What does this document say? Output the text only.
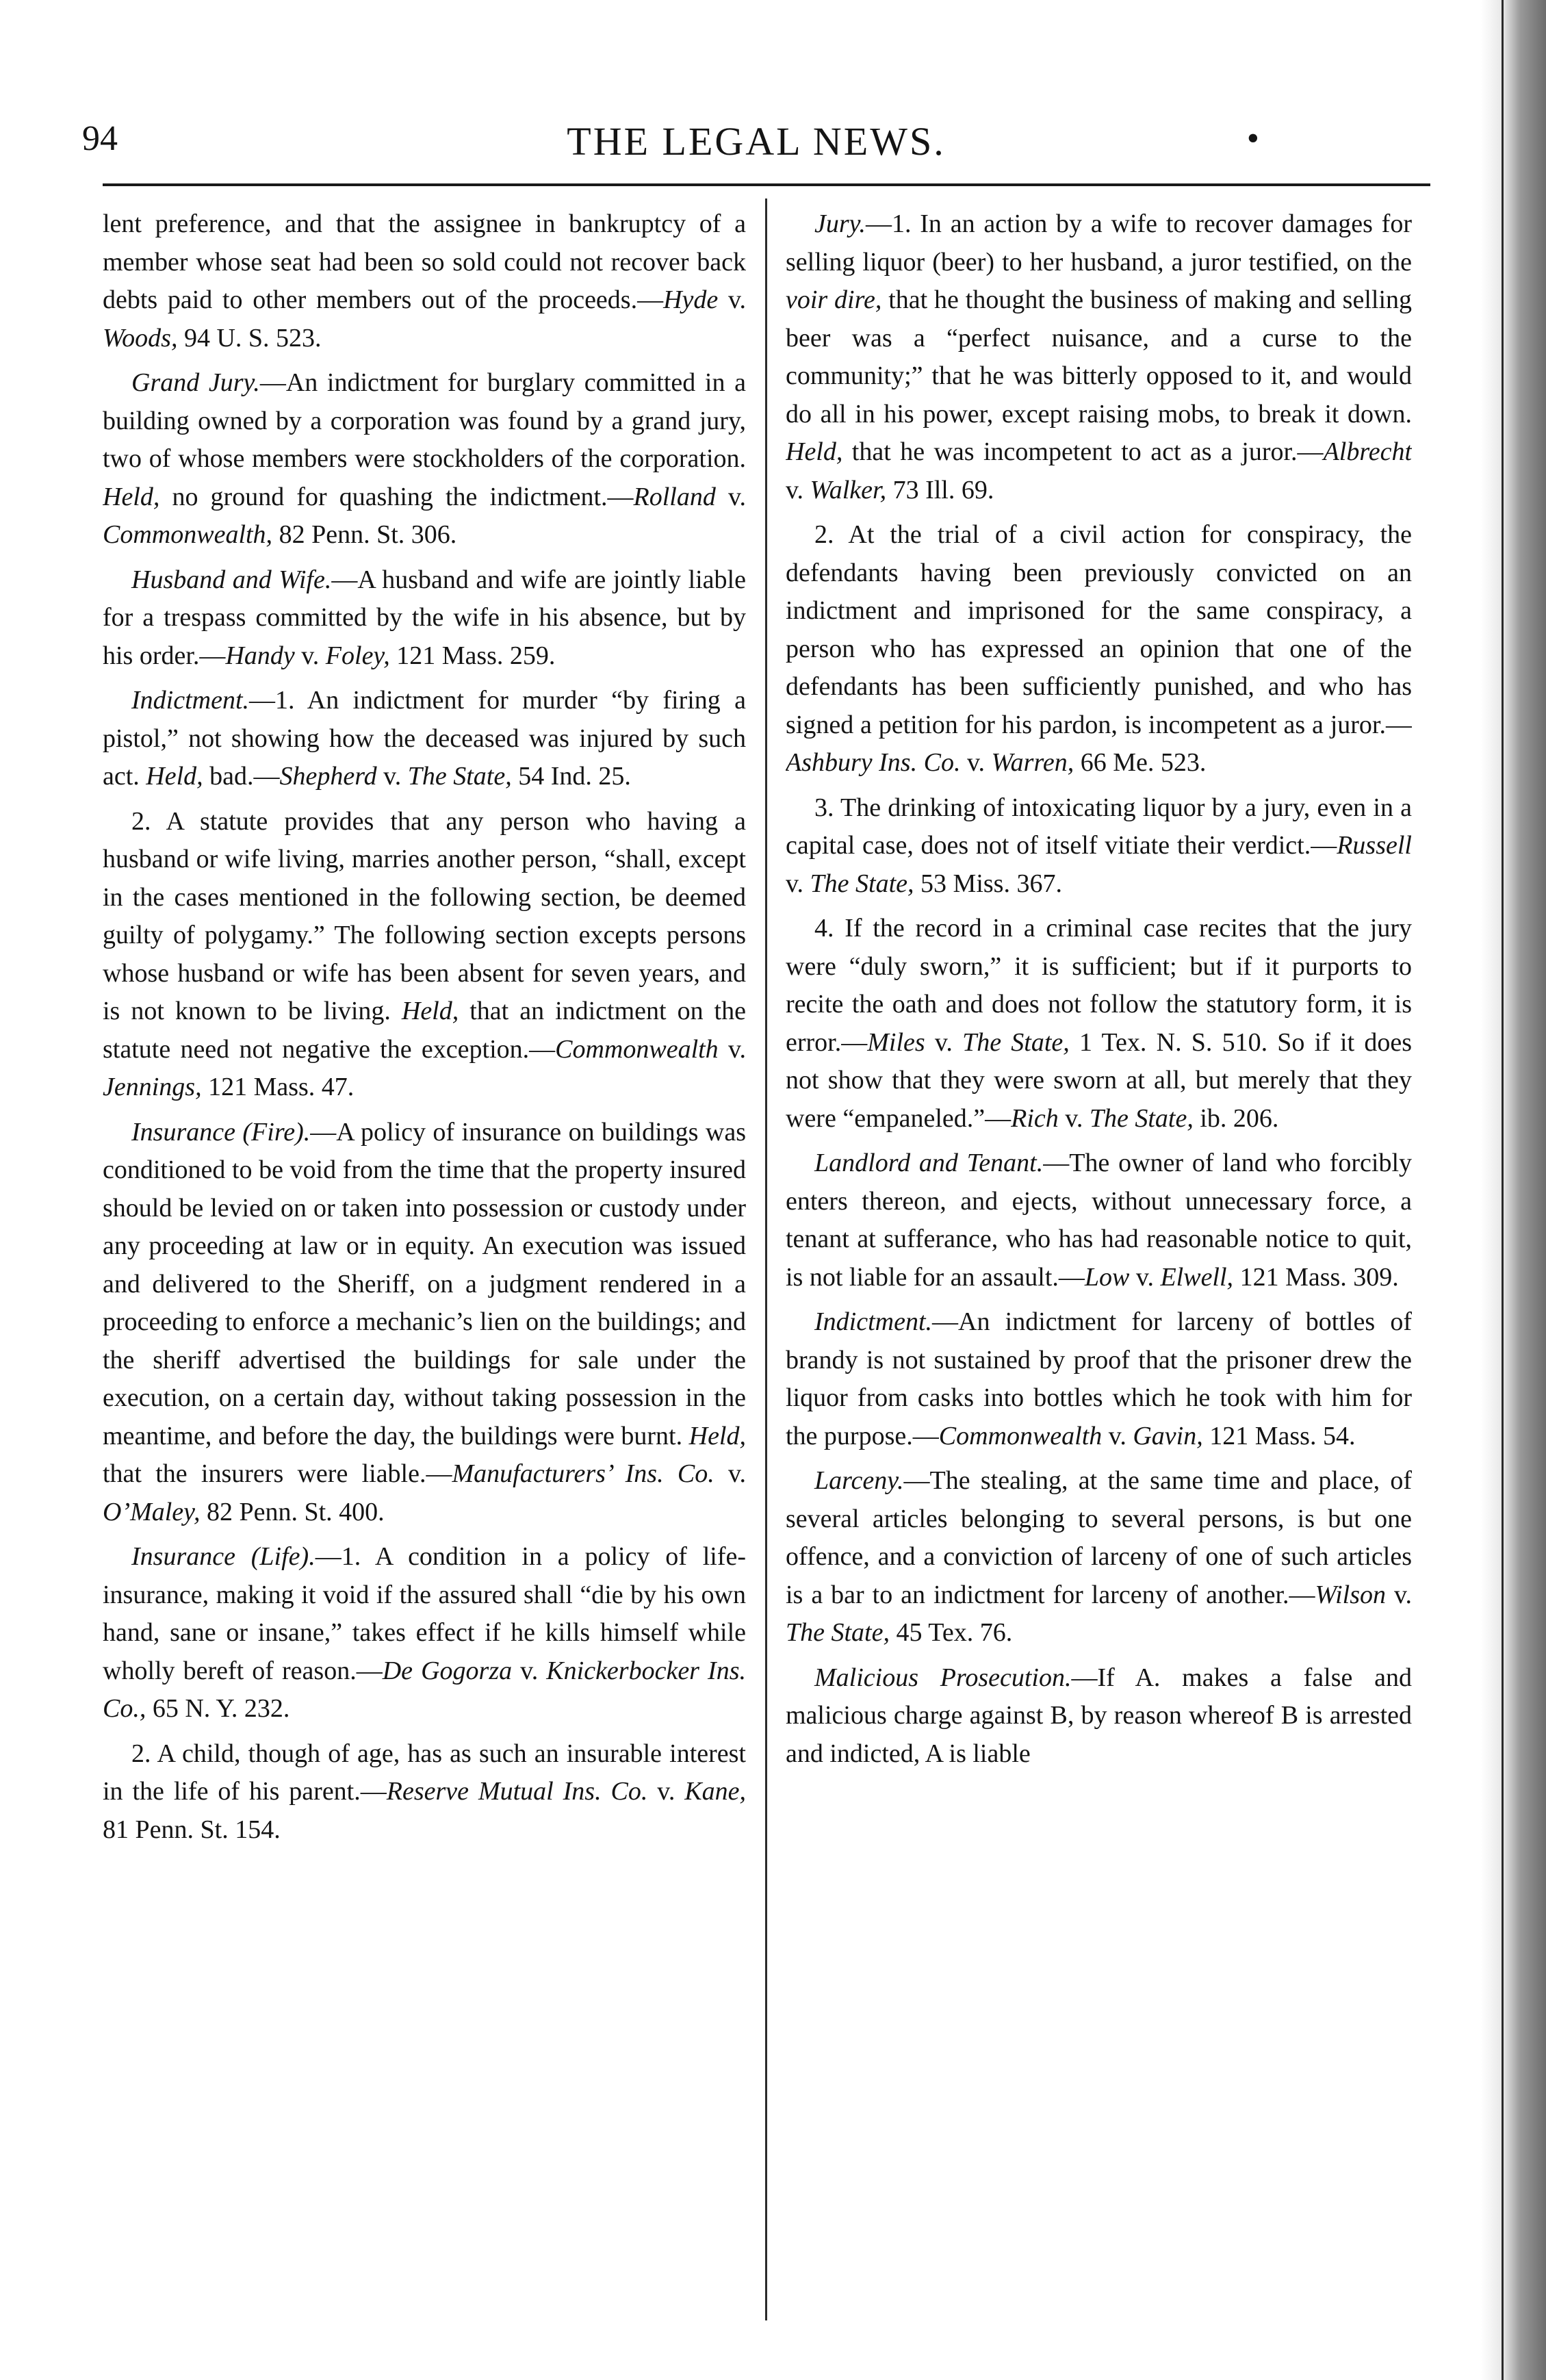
94	THE LEGAL NEWS.	•

lent preference, and that the assignee in bankruptcy of a member whose seat had been so sold could not recover back debts paid to other members out of the proceeds.—Hyde v. Woods, 94 U. S. 523.

Grand Jury.—An indictment for burglary committed in a building owned by a corporation was found by a grand jury, two of whose members were stockholders of the corporation. Held, no ground for quashing the indictment.—Rolland v. Commonwealth, 82 Penn. St. 306.

Husband and Wife.—A husband and wife are jointly liable for a trespass committed by the wife in his absence, but by his order.—Handy v. Foley, 121 Mass. 259.

Indictment.—1. An indictment for murder “by firing a pistol,” not showing how the deceased was injured by such act. Held, bad.—Shepherd v. The State, 54 Ind. 25.

2. A statute provides that any person who having a husband or wife living, marries another person, “shall, except in the cases mentioned in the following section, be deemed guilty of polygamy.” The following section excepts persons whose husband or wife has been absent for seven years, and is not known to be living. Held, that an indictment on the statute need not negative the exception.—Commonwealth v. Jennings, 121 Mass. 47.

Insurance (Fire).—A policy of insurance on buildings was conditioned to be void from the time that the property insured should be levied on or taken into possession or custody under any proceeding at law or in equity. An execution was issued and delivered to the Sheriff, on a judgment rendered in a proceeding to enforce a mechanic’s lien on the buildings; and the sheriff advertised the buildings for sale under the execution, on a certain day, without taking possession in the meantime, and before the day, the buildings were burnt. Held, that the insurers were liable.—Manufacturers’ Ins. Co. v. O’Maley, 82 Penn. St. 400.

Insurance (Life).—1. A condition in a policy of life-insurance, making it void if the assured shall “die by his own hand, sane or insane,” takes effect if he kills himself while wholly bereft of reason.—De Gogorza v. Knickerbocker Ins. Co., 65 N. Y. 232.

2. A child, though of age, has as such an insurable interest in the life of his parent.—Reserve Mutual Ins. Co. v. Kane, 81 Penn. St. 154.

Jury.—1. In an action by a wife to recover damages for selling liquor (beer) to her husband, a juror testified, on the voir dire, that he thought the business of making and selling beer was a “perfect nuisance, and a curse to the community;” that he was bitterly opposed to it, and would do all in his power, except raising mobs, to break it down. Held, that he was incompetent to act as a juror.—Albrecht v. Walker, 73 Ill. 69.

2. At the trial of a civil action for conspiracy, the defendants having been previously convicted on an indictment and imprisoned for the same conspiracy, a person who has expressed an opinion that one of the defendants has been sufficiently punished, and who has signed a petition for his pardon, is incompetent as a juror.—Ashbury Ins. Co. v. Warren, 66 Me. 523.

3. The drinking of intoxicating liquor by a jury, even in a capital case, does not of itself vitiate their verdict.—Russell v. The State, 53 Miss. 367.

4. If the record in a criminal case recites that the jury were “duly sworn,” it is sufficient; but if it purports to recite the oath and does not follow the statutory form, it is error.—Miles v. The State, 1 Tex. N. S. 510. So if it does not show that they were sworn at all, but merely that they were “empaneled.”—Rich v. The State, ib. 206.

Landlord and Tenant.—The owner of land who forcibly enters thereon, and ejects, without unnecessary force, a tenant at sufferance, who has had reasonable notice to quit, is not liable for an assault.—Low v. Elwell, 121 Mass. 309.

Indictment.—An indictment for larceny of bottles of brandy is not sustained by proof that the prisoner drew the liquor from casks into bottles which he took with him for the purpose.—Commonwealth v. Gavin, 121 Mass. 54.

Larceny.—The stealing, at the same time and place, of several articles belonging to several persons, is but one offence, and a conviction of larceny of one of such articles is a bar to an indictment for larceny of another.—Wilson v. The State, 45 Tex. 76.

Malicious Prosecution.—If A. makes a false and malicious charge against B, by reason whereof B is arrested and indicted, A is liable
